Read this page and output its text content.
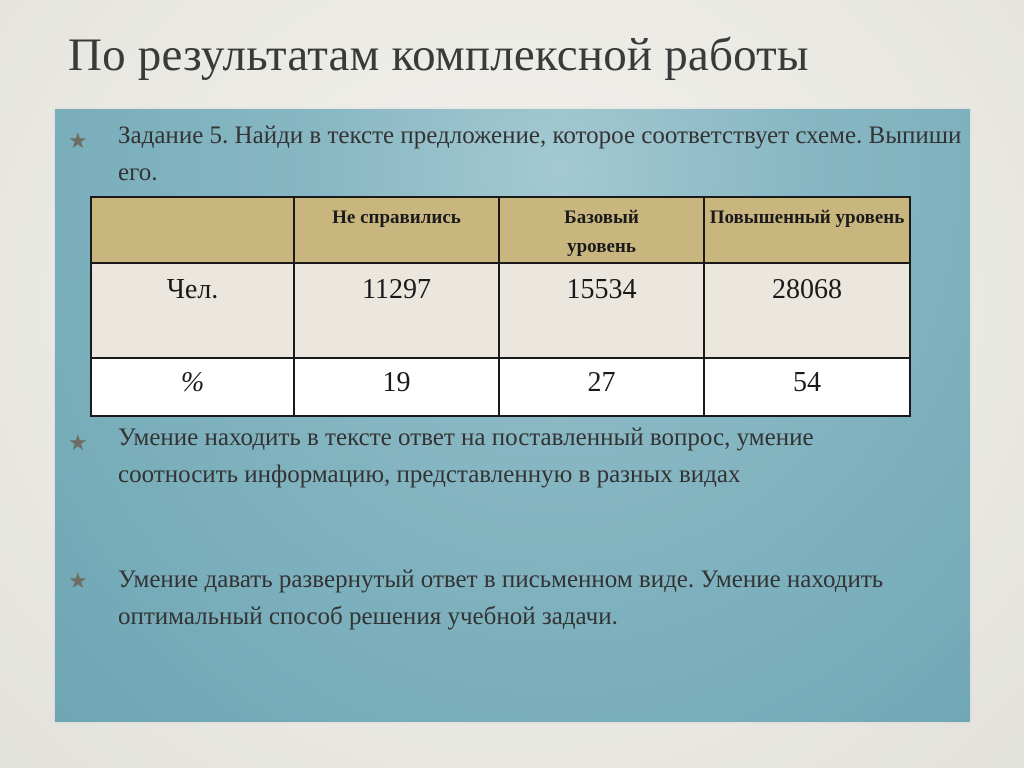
По результатам комплексной работы
★ Задание 5. Найди в тексте предложение, которое соответствует схеме. Выпиши его.

	Не справились	Базовый уровень	Повышенный уровень
Чел.	11297	15534	28068
%	19	27	54
★ Умение находить в тексте ответ на поставленный вопрос, умение соотносить информацию, представленную в разных видах

★ Умение давать развернутый ответ в письменном виде. Умение находить оптимальный способ решения учебной задачи.
